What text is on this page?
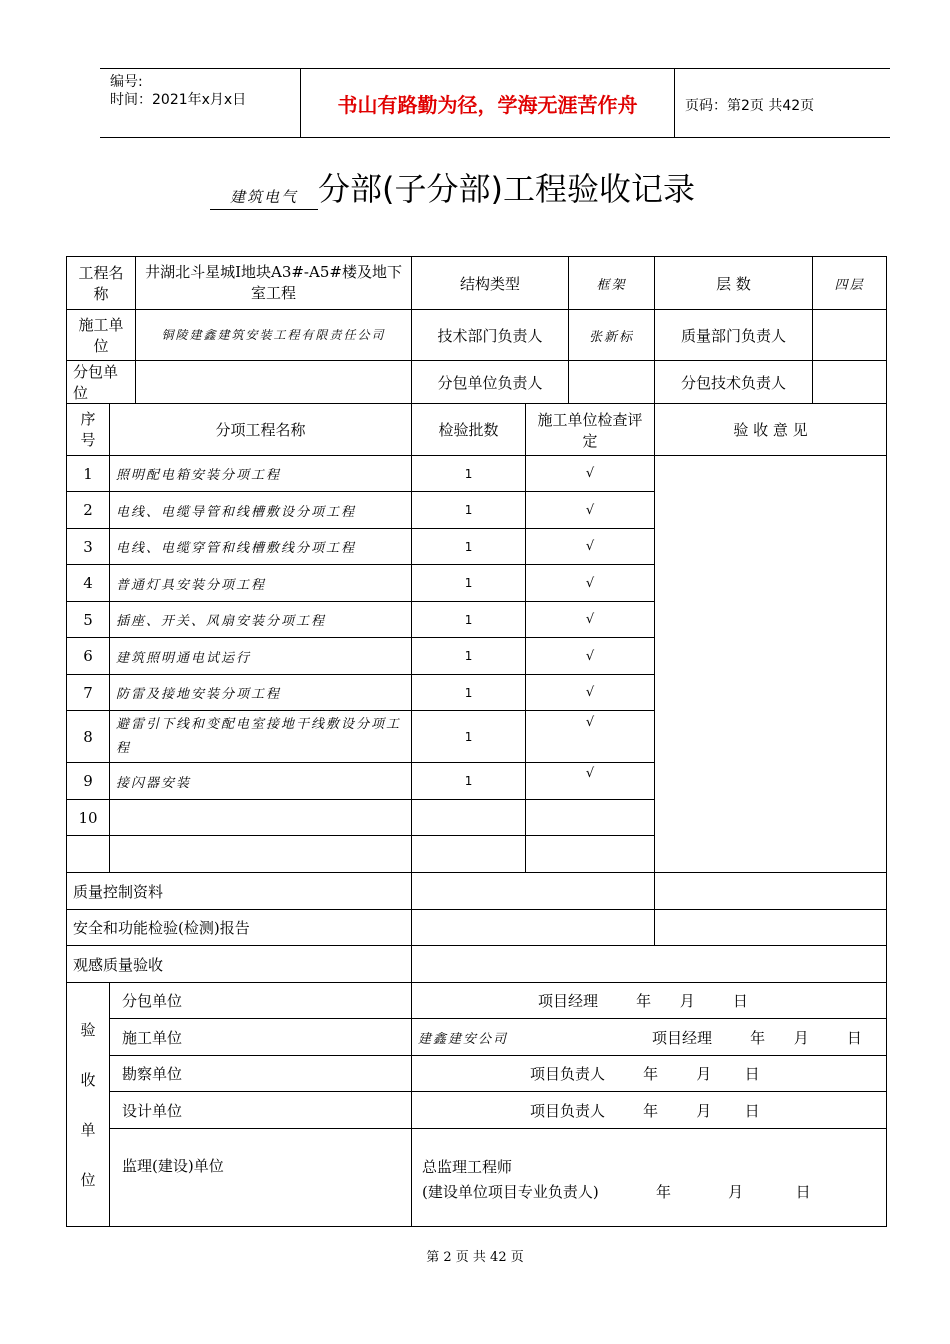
编号:
时间：2021年x月x日	书山有路勤为径，学海无涯苦作舟	页码：第2页 共42页
建筑电气 分部(子分部)工程验收记录
工程名称		井湖北斗星城I地块A3#-A5#楼及地下室工程	结构类型		框架	层 数	四层
施工单位		铜陵建鑫建筑安装工程有限责任公司	技术部门负责人		张新标	质量部门负责人	
分包单位			分包单位负责人			分包技术负责人	
序号	分项工程名称		检验批数	施工单位检查评定		验 收 意 见	
1	照明配电箱安装分项工程		1	√			
2	电线、电缆导管和线槽敷设分项工程		1	√			
3	电线、电缆穿管和线槽敷线分项工程		1	√			
4	普通灯具安装分项工程		1	√			
5	插座、开关、风扇安装分项工程		1	√			
6	建筑照明通电试运行		1	√			
7	防雷及接地安装分项工程		1	√			
8	避雷引下线和变配电室接地干线敷设分项工程		1	√			
9	接闪器安装		1	√			
10							

质量控制资料							
安全和功能检验(检测)报告							
观感质量验收							
验
收
单
位	分包单位		项目经理        年      月        日				
	施工单位		建鑫建安公司 项目经理        年      月        日				
	勘察单位		项目负责人        年        月       日				
	设计单位		项目负责人        年        月       日				
	监理(建设)单位		总监理工程师
(建设单位项目专业负责人)            年            月           日				
第 2 页 共 42 页
